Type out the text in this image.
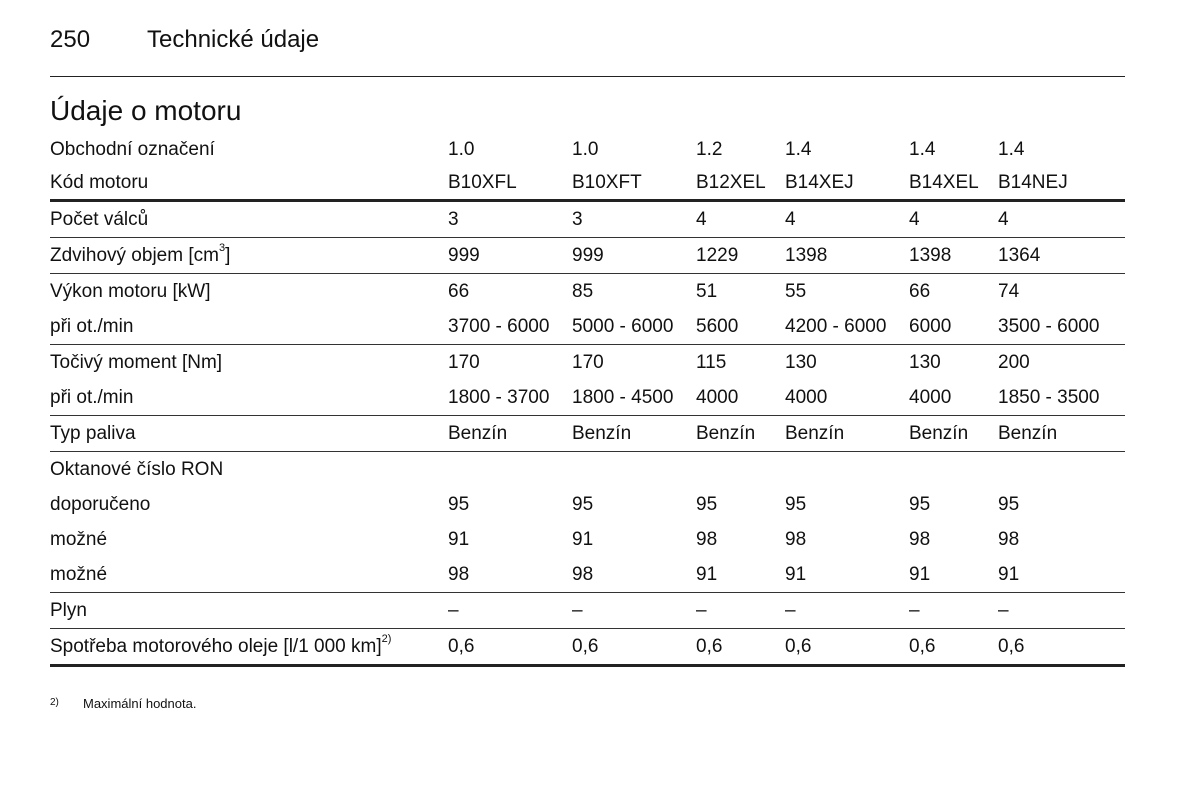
250 Technické údaje
Údaje o motoru
Obchodní označení	1.0	1.0	1.2	1.4	1.4	1.4
Kód motoru	B10XFL	B10XFT	B12XEL	B14XEJ	B14XEL	B14NEJ
Počet válců	3	3	4	4	4	4
Zdvihový objem $[cm^3]$	999	999	1229	1398	1398	1364
Výkon motoru [kW]	66	85	51	55	66	74
při ot./min	3700 - 6000	5000 - 6000	5600	4200 - 6000	6000	3500 - 6000
Točivý moment [Nm]	170	170	115	130	130	200
při ot./min	1800 - 3700	1800 - 4500	4000	4000	4000	1850 - 3500
Typ paliva	Benzín	Benzín	Benzín	Benzín	Benzín	Benzín
Oktanové číslo RON						
doporučeno	95	95	95	95	95	95
možné	91	91	98	98	98	98
možné	98	98	91	91	91	91
Plyn	–	–	–	–	–	–
Spotřeba motorového oleje [l/1 000 km]$^{2)}$	0,6	0,6	0,6	0,6	0,6	0,6
$^{2)}$ Maximální hodnota.
